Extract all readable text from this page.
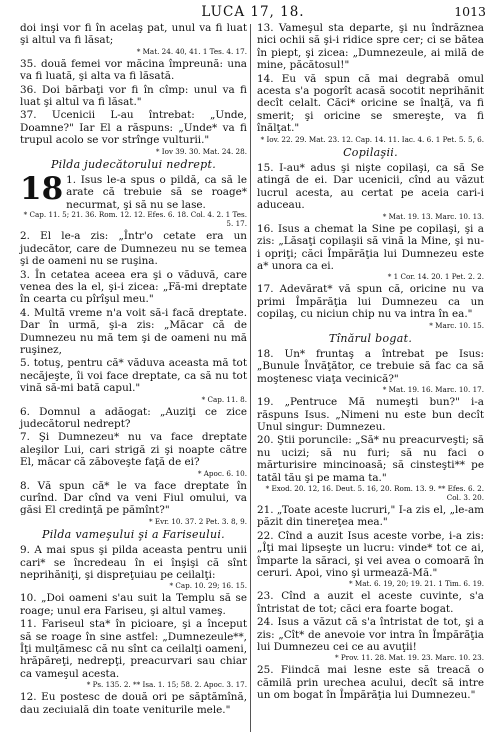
LUCA 17, 18.	1013

doi inşi vor fi în acelaş pat, unul va fi luat şi altul va fi lăsat;

* Mat. 24. 40, 41. 1 Tes. 4. 17.

35. două femei vor măcina împreună: una va fi luată, şi alta va fi lăsată.

36. Doi bărbaţi vor fi în cîmp: unul va fi luat şi altul va fi lăsat."

37. Ucenicii L-au întrebat: „Unde, Doamne?" Iar El a răspuns: „Unde* va fi trupul acolo se vor strînge vulturii."

* Iov 39. 30. Mat. 24. 28.
Pilda judecătorului nedrept.
18 1. Isus le-a spus o pildă, ca să le arate că trebuie să se roage* necurmat, şi să nu se lase.
* Cap. 11. 5; 21. 36. Rom. 12. 12. Efes. 6. 18. Col. 4. 2. 1 Tes. 5. 17.

2. El le-a zis: „Într'o cetate era un judecător, care de Dumnezeu nu se temea şi de oameni nu se ruşina.

3. În cetatea aceea era şi o văduvă, care venea des la el, şi-i zicea: „Fă-mi dreptate în cearta cu pîrîşul meu."

4. Multă vreme n'a voit să-i facă dreptate. Dar în urmă, şi-a zis: „Măcar că de Dumnezeu nu mă tem şi de oameni nu mă ruşinez,

5. totuş, pentru că* văduva aceasta mă tot necăjeşte, îi voi face dreptate, ca să nu tot vină să-mi bată capul."

* Cap. 11. 8.

6. Domnul a adăogat: „Auziţi ce zice judecătorul nedrept?

7. Şi Dumnezeu* nu va face dreptate aleşilor Lui, cari strigă zi şi noapte către El, măcar că zăboveşte faţă de ei?

* Apoc. 6. 10.

8. Vă spun că* le va face dreptate în curînd. Dar cînd va veni Fiul omului, va găsi El credinţă pe pămînt?"

* Evr. 10. 37. 2 Pet. 3. 8, 9.
Pilda vameşului şi a Fariseului.

9. A mai spus şi pilda aceasta pentru unii cari* se încredeau în ei înşişi că sînt neprihăniţi, şi dispreţuiau pe ceilalţi:

* Cap. 10. 29; 16. 15.

10. „Doi oameni s'au suit la Templu să se roage; unul era Fariseu, şi altul vameş.

11. Fariseul sta* în picioare, şi a început să se roage în sine astfel: „Dumnezeule**, Îţi mulţămesc că nu sînt ca ceilalţi oameni, hrăpăreţi, nedrepţi, preacurvari sau chiar ca vameşul acesta.

* Ps. 135. 2. ** Isa. 1. 15; 58. 2. Apoc. 3. 17.

12. Eu postesc de două ori pe săptămînă, dau zeciuială din toate veniturile mele."

13. Vameşul sta departe, şi nu îndrăznea nici ochii să şi-i ridice spre cer; ci se bătea în piept, şi zicea: „Dumnezeule, ai milă de mine, păcătosul!"

14. Eu vă spun că mai degrabă omul acesta s'a pogorît acasă socotit neprihănit decît celalt. Căci* oricine se înalţă, va fi smerit; şi oricine se smereşte, va fi înălţat."

* Iov. 22. 29. Mat. 23. 12. Cap. 14. 11. Iac. 4. 6. 1 Pet. 5. 5, 6.
Copilaşii.

15. I-au* adus şi nişte copilaşi, ca să Se atingă de ei. Dar ucenicii, cînd au văzut lucrul acesta, au certat pe aceia cari-i aduceau.

* Mat. 19. 13. Marc. 10. 13.

16. Isus a chemat la Sine pe copilaşi, şi a zis: „Lăsaţi copilaşii să vină la Mine, şi nu-i opriţi; căci Împărăţia lui Dumnezeu este a* unora ca ei.

* 1 Cor. 14. 20. 1 Pet. 2. 2.

17. Adevărat* vă spun că, oricine nu va primi Împărăţia lui Dumnezeu ca un copilaş, cu niciun chip nu va intra în ea."

* Marc. 10. 15.
Tînărul bogat.

18. Un* fruntaş a întrebat pe Isus: „Bunule Învăţător, ce trebuie să fac ca să moştenesc viaţa vecinică?"

* Mat. 19. 16. Marc. 10. 17.

19. „Pentruce Mă numeşti bun?" i-a răspuns Isus. „Nimeni nu este bun decît Unul singur: Dumnezeu.

20. Ştii poruncile: „Să* nu preacurveşti; să nu ucizi; să nu furi; să nu faci o mărturisire mincinoasă; să cinsteşti** pe tatăl tău şi pe mama ta."

* Exod. 20. 12, 16. Deut. 5. 16, 20. Rom. 13. 9. ** Efes. 6. 2. Col. 3. 20.

21. „Toate aceste lucruri," I-a zis el, „le-am păzit din tinereţea mea."

22. Cînd a auzit Isus aceste vorbe, i-a zis: „Îţi mai lipseşte un lucru: vinde* tot ce ai, împarte la săraci, şi vei avea o comoară în ceruri. Apoi, vino şi urmează-Mă."

* Mat. 6. 19, 20; 19. 21. 1 Tim. 6. 19.

23. Cînd a auzit el aceste cuvinte, s'a întristat de tot; căci era foarte bogat.

24. Isus a văzut că s'a întristat de tot, şi a zis: „Cît* de anevoie vor intra în Împărăţia lui Dumnezeu cei ce au avuţii!

* Prov. 11. 28. Mat. 19. 23. Marc. 10. 23.

25. Fiindcă mai lesne este să treacă o cămilă prin urechea acului, decît să intre un om bogat în Împărăţia lui Dumnezeu."
